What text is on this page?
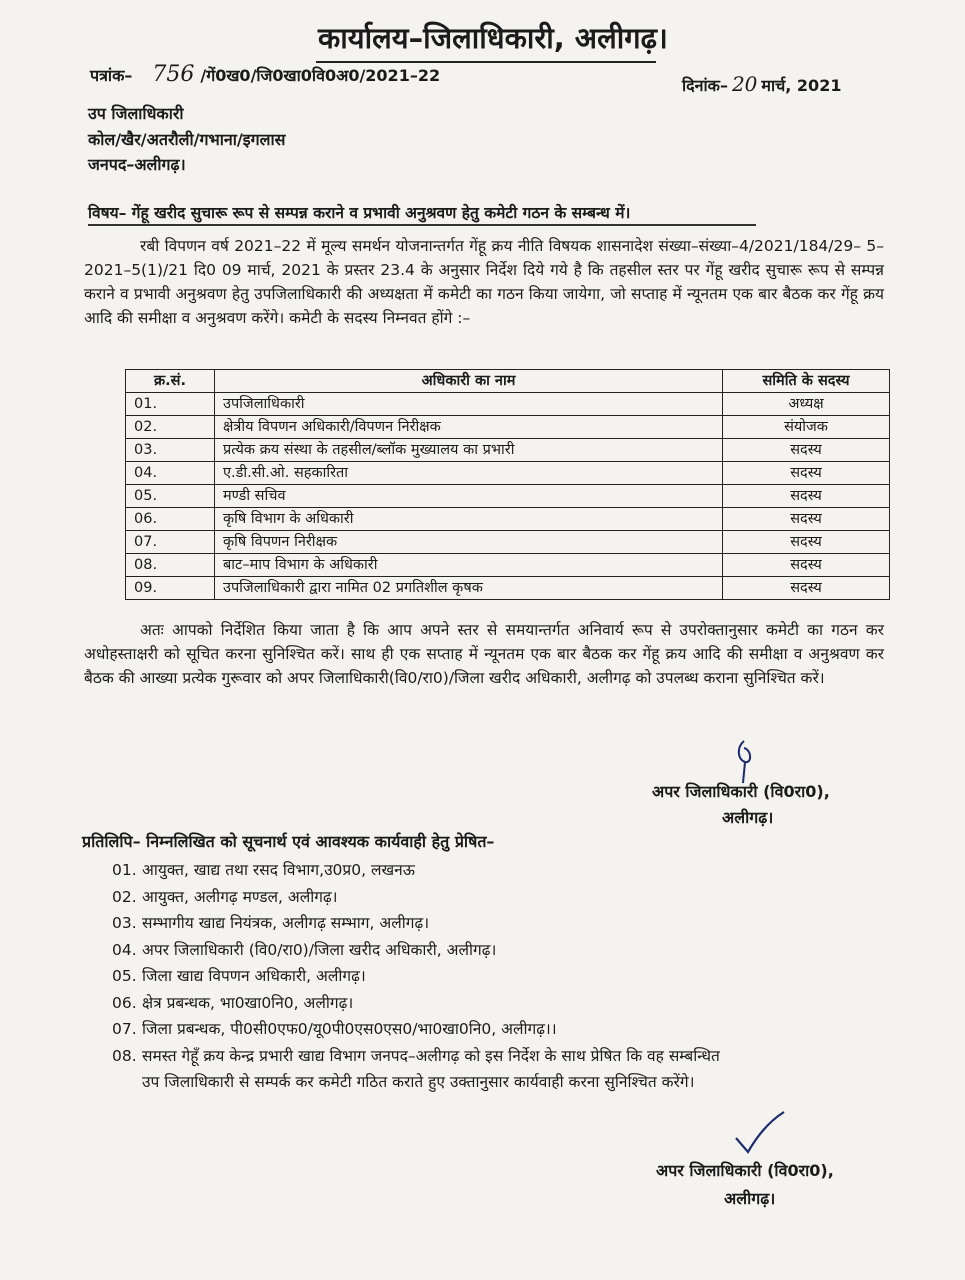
कार्यालय–जिलाधिकारी, अलीगढ़।
पत्रांक– 756 /गें0ख0/जि0खा0वि0अ0/2021–22
दिनांक– 20 मार्च, 2021
उप जिलाधिकारी
कोल/खैर/अतरौली/गभाना/इगलास
जनपद–अलीगढ़।
विषय– गेंहू खरीद सुचारू रूप से सम्पन्न कराने व प्रभावी अनुश्रवण हेतु कमेटी गठन के सम्बन्ध में।

रबी विपणन वर्ष 2021–22 में मूल्य समर्थन योजनान्तर्गत गेंहू क्रय नीति विषयक शासनादेश संख्या–संख्या–4/2021/184/29– 5–2021–5(1)/21 दि0 09 मार्च, 2021 के प्रस्तर 23.4 के अनुसार निर्देश दिये गये है कि तहसील स्तर पर गेंहू खरीद सुचारू रूप से सम्पन्न कराने व प्रभावी अनुश्रवण हेतु उपजिलाधिकारी की अध्यक्षता में कमेटी का गठन किया जायेगा, जो सप्ताह में न्यूनतम एक बार बैठक कर गेंहू क्रय आदि की समीक्षा व अनुश्रवण करेंगे। कमेटी के सदस्य निम्नवत होंगे :–

क्र.सं.	अधिकारी का नाम	समिति के सदस्य
01.	उपजिलाधिकारी	अध्यक्ष
02.	क्षेत्रीय विपणन अधिकारी/विपणन निरीक्षक	संयोजक
03.	प्रत्येक क्रय संस्था के तहसील/ब्लॉक मुख्यालय का प्रभारी	सदस्य
04.	ए.डी.सी.ओ. सहकारिता	सदस्य
05.	मण्डी सचिव	सदस्य
06.	कृषि विभाग के अधिकारी	सदस्य
07.	कृषि विपणन निरीक्षक	सदस्य
08.	बाट–माप विभाग के अधिकारी	सदस्य
09.	उपजिलाधिकारी द्वारा नामित 02 प्रगतिशील कृषक	सदस्य

अतः आपको निर्देशित किया जाता है कि आप अपने स्तर से समयान्तर्गत अनिवार्य रूप से उपरोक्तानुसार कमेटी का गठन कर अधोहस्ताक्षरी को सूचित करना सुनिश्चित करें। साथ ही एक सप्ताह में न्यूनतम एक बार बैठक कर गेंहू क्रय आदि की समीक्षा व अनुश्रवण कर बैठक की आख्या प्रत्येक गुरूवार को अपर जिलाधिकारी(वि0/रा0)/जिला खरीद अधिकारी, अलीगढ़ को उपलब्ध कराना सुनिश्चित करें।

अपर जिलाधिकारी (वि0रा0),
अलीगढ़।
प्रतिलिपि– निम्नलिखित को सूचनार्थ एवं आवश्यक कार्यवाही हेतु प्रेषित–
01. आयुक्त, खाद्य तथा रसद विभाग,उ0प्र0, लखनऊ
02. आयुक्त, अलीगढ़ मण्डल, अलीगढ़।
03. सम्भागीय खाद्य नियंत्रक, अलीगढ़ सम्भाग, अलीगढ़।
04. अपर जिलाधिकारी (वि0/रा0)/जिला खरीद अधिकारी, अलीगढ़।
05. जिला खाद्य विपणन अधिकारी, अलीगढ़।
06. क्षेत्र प्रबन्धक, भा0खा0नि0, अलीगढ़।
07. जिला प्रबन्धक, पी0सी0एफ0/यू0पी0एस0एस0/भा0खा0नि0, अलीगढ़।।
08. समस्त गेहूँ क्रय केन्द्र प्रभारी खाद्य विभाग जनपद–अलीगढ़ को इस निर्देश के साथ प्रेषित कि वह सम्बन्धित
उप जिलाधिकारी से सम्पर्क कर कमेटी गठित कराते हुए उक्तानुसार कार्यवाही करना सुनिश्चित करेंगे।
अपर जिलाधिकारी (वि0रा0),
अलीगढ़।
